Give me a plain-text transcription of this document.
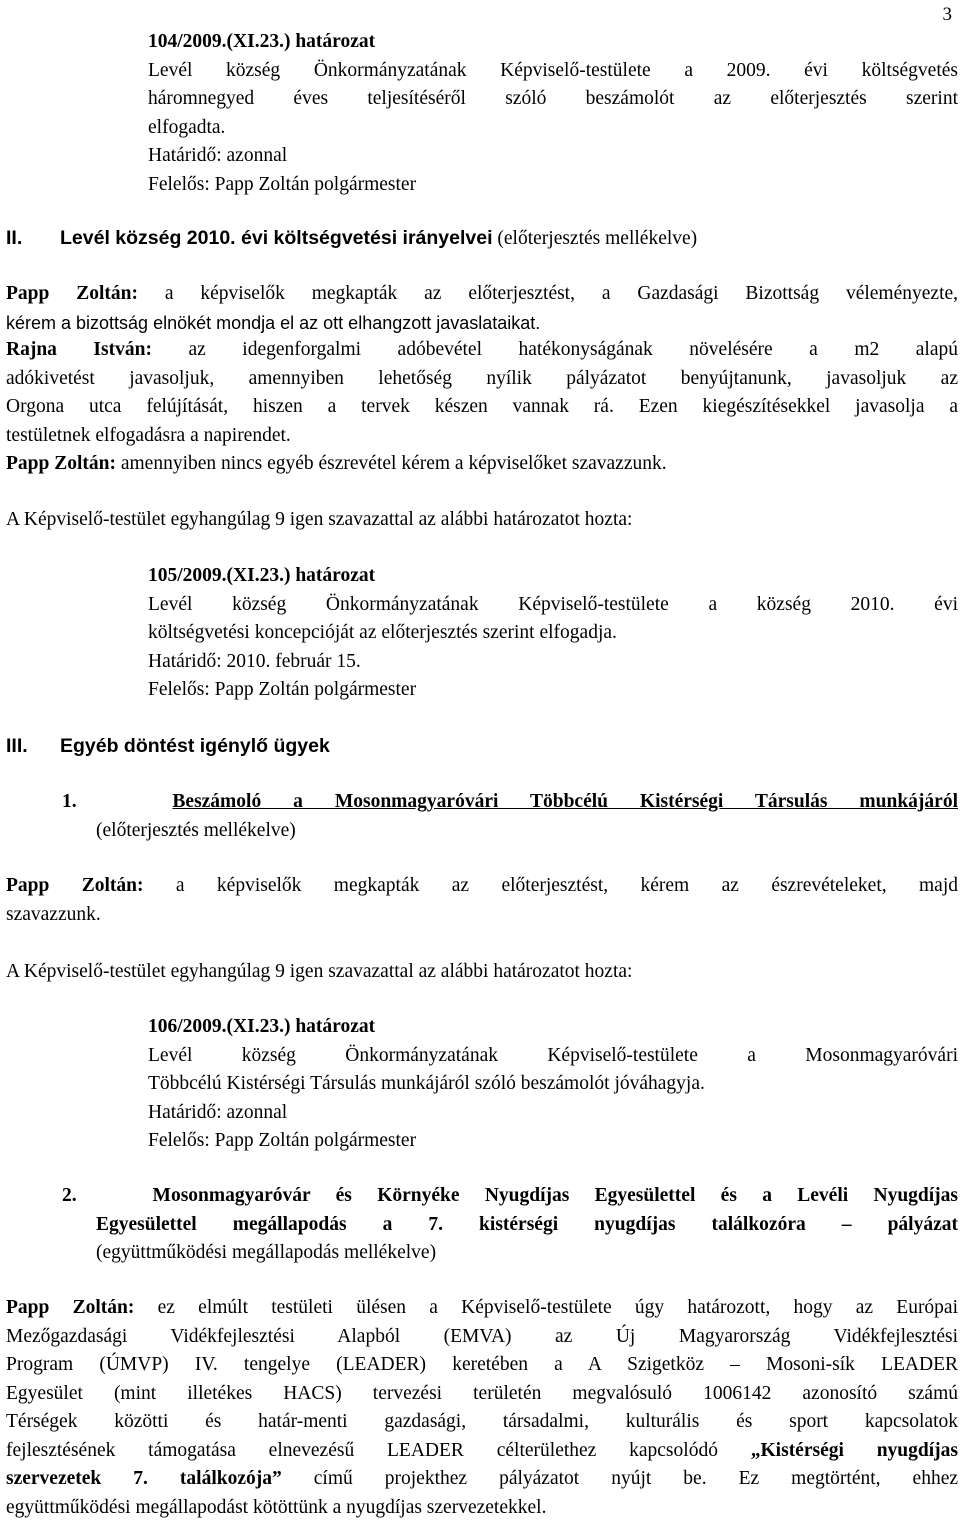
3
104/2009.(XI.23.) határozat
Levél község Önkormányzatának Képviselő-testülete a 2009. évi költségvetés
háromnegyed éves teljesítéséről szóló beszámolót az előterjesztés szerint
elfogadta.
Határidő: azonnal
Felelős: Papp Zoltán polgármester
II. Levél község 2010. évi költségvetési irányelvei (előterjesztés mellékelve)
Papp Zoltán: a képviselők megkapták az előterjesztést, a Gazdasági Bizottság véleményezte,
kérem a bizottság elnökét mondja el az ott elhangzott javaslataikat.
Rajna István: az idegenforgalmi adóbevétel hatékonyságának növelésére a m2 alapú
adókivetést javasoljuk, amennyiben lehetőség nyílik pályázatot benyújtanunk, javasoljuk az
Orgona utca felújítását, hiszen a tervek készen vannak rá. Ezen kiegészítésekkel javasolja a
testületnek elfogadásra a napirendet.
Papp Zoltán: amennyiben nincs egyéb észrevétel kérem a képviselőket szavazzunk.
A Képviselő-testület egyhangúlag 9 igen szavazattal az alábbi határozatot hozta:
105/2009.(XI.23.) határozat
Levél község Önkormányzatának Képviselő-testülete a község 2010. évi
költségvetési koncepcióját az előterjesztés szerint elfogadja.
Határidő: 2010. február 15.
Felelős: Papp Zoltán polgármester
III. Egyéb döntést igénylő ügyek
1.	Beszámoló a Mosonmagyaróvári Többcélú Kistérségi Társulás munkájáról
(előterjesztés mellékelve)
Papp Zoltán: a képviselők megkapták az előterjesztést, kérem az észrevételeket, majd
szavazzunk.
A Képviselő-testület egyhangúlag 9 igen szavazattal az alábbi határozatot hozta:
106/2009.(XI.23.) határozat
Levél község Önkormányzatának Képviselő-testülete a Mosonmagyaróvári
Többcélú Kistérségi Társulás munkájáról szóló beszámolót jóváhagyja.
Határidő: azonnal
Felelős: Papp Zoltán polgármester
2.	Mosonmagyaróvár és Környéke Nyugdíjas Egyesülettel és a Levéli Nyugdíjas
Egyesülettel megállapodás a 7. kistérségi nyugdíjas találkozóra – pályázat
(együttműködési megállapodás mellékelve)
Papp Zoltán: ez elmúlt testületi ülésen a Képviselő-testülete úgy határozott, hogy az Európai
Mezőgazdasági Vidékfejlesztési Alapból (EMVA) az Új Magyarország Vidékfejlesztési
Program (ÚMVP) IV. tengelye (LEADER) keretében a A Szigetköz – Mosoni-sík LEADER
Egyesület (mint illetékes HACS) tervezési területén megvalósuló 1006142 azonosító számú
Térségek közötti és határ-menti gazdasági, társadalmi, kulturális és sport kapcsolatok
fejlesztésének támogatása elnevezésű LEADER célterülethez kapcsolódó „Kistérségi nyugdíjas
szervezetek 7. találkozója” című projekthez pályázatot nyújt be. Ez megtörtént, ehhez
együttműködési megállapodást kötöttünk a nyugdíjas szervezetekkel.
